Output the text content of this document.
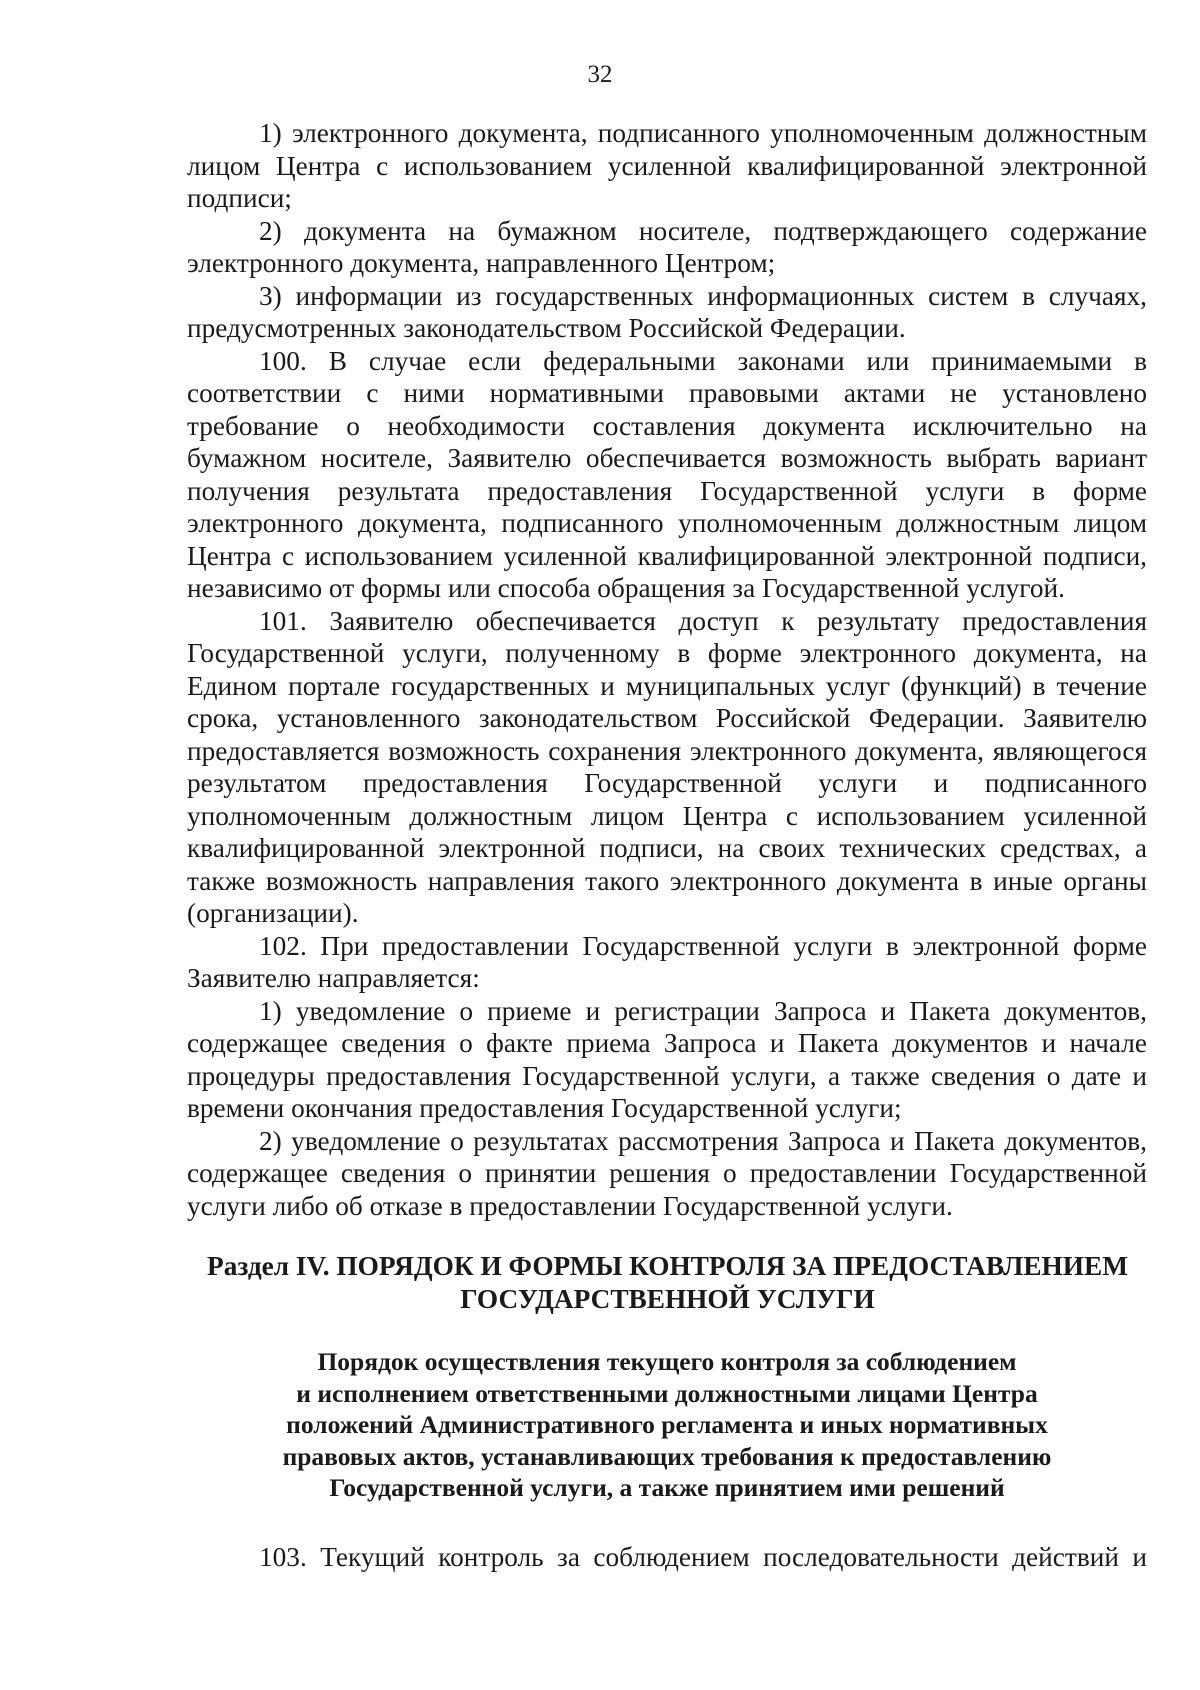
32

1) электронного документа, подписанного уполномоченным должностным лицом Центра с использованием усиленной квалифицированной электронной подписи;

2) документа на бумажном носителе, подтверждающего содержание электронного документа, направленного Центром;

3) информации из государственных информационных систем в случаях, предусмотренных законодательством Российской Федерации.

100. В случае если федеральными законами или принимаемыми в соответствии с ними нормативными правовыми актами не установлено требование о необходимости составления документа исключительно на бумажном носителе, Заявителю обеспечивается возможность выбрать вариант получения результата предоставления Государственной услуги в форме электронного документа, подписанного уполномоченным должностным лицом Центра с использованием усиленной квалифицированной электронной подписи, независимо от формы или способа обращения за Государственной услугой.

101. Заявителю обеспечивается доступ к результату предоставления Государственной услуги, полученному в форме электронного документа, на Едином портале государственных и муниципальных услуг (функций) в течение срока, установленного законодательством Российской Федерации. Заявителю предоставляется возможность сохранения электронного документа, являющегося результатом предоставления Государственной услуги и подписанного уполномоченным должностным лицом Центра с использованием усиленной квалифицированной электронной подписи, на своих технических средствах, а также возможность направления такого электронного документа в иные органы (организации).

102. При предоставлении Государственной услуги в электронной форме Заявителю направляется:

1) уведомление о приеме и регистрации Запроса и Пакета документов, содержащее сведения о факте приема Запроса и Пакета документов и начале процедуры предоставления Государственной услуги, а также сведения о дате и времени окончания предоставления Государственной услуги;

2) уведомление о результатах рассмотрения Запроса и Пакета документов, содержащее сведения о принятии решения о предоставлении Государственной услуги либо об отказе в предоставлении Государственной услуги.

Раздел IV. ПОРЯДОК И ФОРМЫ КОНТРОЛЯ ЗА ПРЕДОСТАВЛЕНИЕМ
ГОСУДАРСТВЕННОЙ УСЛУГИ
Порядок осуществления текущего контроля за соблюдением
и исполнением ответственными должностными лицами Центра
положений Административного регламента и иных нормативных
правовых актов, устанавливающих требования к предоставлению
Государственной услуги, а также принятием ими решений

103. Текущий контроль за соблюдением последовательности действий и
